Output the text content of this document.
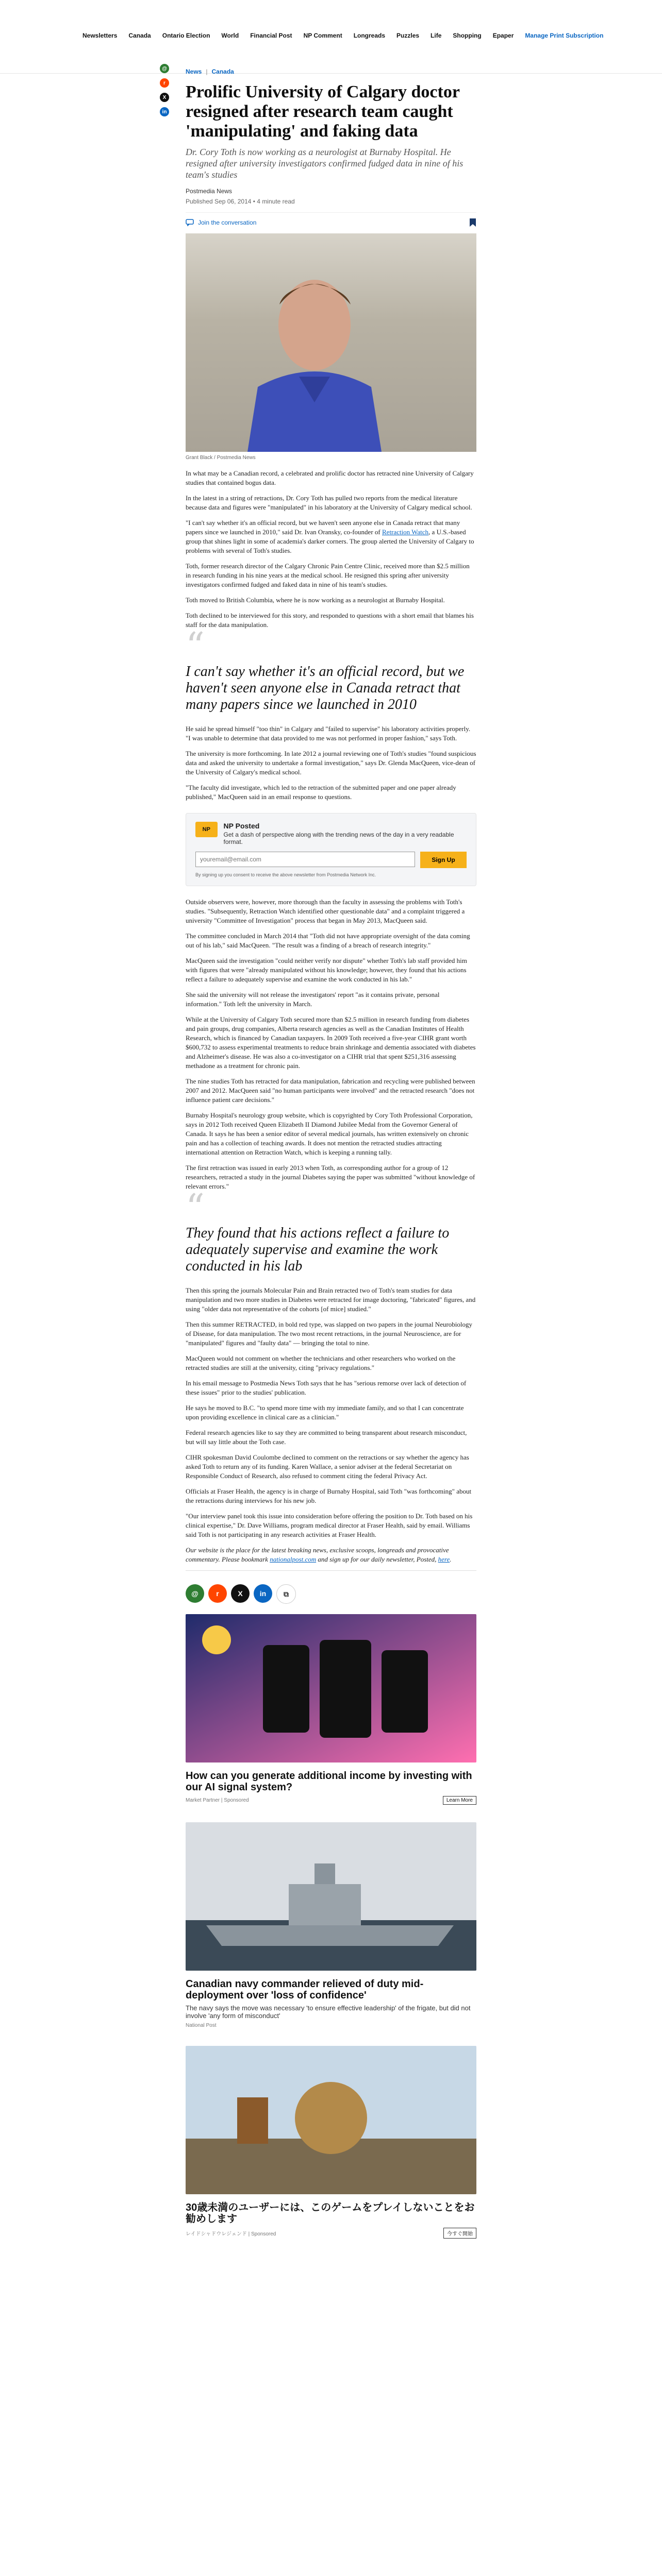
Newsletters Canada Ontario Election World Financial Post NP Comment Longreads Puzzles Life Shopping Epaper Manage Print Subscription
@
r
X
in
News | Canada
Prolific University of Calgary doctor resigned after research team caught 'manipulating' and faking data

Dr. Cory Toth is now working as a neurologist at Burnaby Hospital. He resigned after university investigators confirmed fudged data in nine of his team's studies

Postmedia News
Published Sep 06, 2014 • 4 minute read
Join the conversation
Grant Black / Postmedia News

In what may be a Canadian record, a celebrated and prolific doctor has retracted nine University of Calgary studies that contained bogus data.

In the latest in a string of retractions, Dr. Cory Toth has pulled two reports from the medical literature because data and figures were "manipulated" in his laboratory at the University of Calgary medical school.

"I can't say whether it's an official record, but we haven't seen anyone else in Canada retract that many papers since we launched in 2010," said Dr. Ivan Oransky, co-founder of Retraction Watch, a U.S.-based group that shines light in some of academia's darker corners. The group alerted the University of Calgary to problems with several of Toth's studies.

Toth, former research director of the Calgary Chronic Pain Centre Clinic, received more than $2.5 million in research funding in his nine years at the medical school. He resigned this spring after university investigators confirmed fudged and faked data in nine of his team's studies.

Toth moved to British Columbia, where he is now working as a neurologist at Burnaby Hospital.

Toth declined to be interviewed for this story, and responded to questions with a short email that blames his staff for the data manipulation.

“
I can't say whether it's an official record, but we haven't seen anyone else in Canada retract that many papers since we launched in 2010

He said he spread himself "too thin" in Calgary and "failed to supervise" his laboratory activities properly. "I was unable to determine that data provided to me was not performed in proper fashion," says Toth.

The university is more forthcoming. In late 2012 a journal reviewing one of Toth's studies "found suspicious data and asked the university to undertake a formal investigation," says Dr. Glenda MacQueen, vice-dean of the University of Calgary's medical school.

"The faculty did investigate, which led to the retraction of the submitted paper and one paper already published," MacQueen said in an email response to questions.

NP	NP Posted
Get a dash of perspective along with the trending news of the day in a very readable format.
youremail@email.com
Sign Up
By signing up you consent to receive the above newsletter from Postmedia Network Inc.

Outside observers were, however, more thorough than the faculty in assessing the problems with Toth's studies. "Subsequently, Retraction Watch identified other questionable data" and a complaint triggered a university "Committee of Investigation" process that began in May 2013, MacQueen said.

The committee concluded in March 2014 that "Toth did not have appropriate oversight of the data coming out of his lab," said MacQueen. "The result was a finding of a breach of research integrity."

MacQueen said the investigation "could neither verify nor dispute" whether Toth's lab staff provided him with figures that were "already manipulated without his knowledge; however, they found that his actions reflect a failure to adequately supervise and examine the work conducted in his lab."

She said the university will not release the investigators' report "as it contains private, personal information." Toth left the university in March.

While at the University of Calgary Toth secured more than $2.5 million in research funding from diabetes and pain groups, drug companies, Alberta research agencies as well as the Canadian Institutes of Health Research, which is financed by Canadian taxpayers. In 2009 Toth received a five-year CIHR grant worth $600,732 to assess experimental treatments to reduce brain shrinkage and dementia associated with diabetes and Alzheimer's disease. He was also a co-investigator on a CIHR trial that spent $251,316 assessing methadone as a treatment for chronic pain.

The nine studies Toth has retracted for data manipulation, fabrication and recycling were published between 2007 and 2012. MacQueen said "no human participants were involved" and the retracted research "does not influence patient care decisions."

Burnaby Hospital's neurology group website, which is copyrighted by Cory Toth Professional Corporation, says in 2012 Toth received Queen Elizabeth II Diamond Jubilee Medal from the Governor General of Canada. It says he has been a senior editor of several medical journals, has written extensively on chronic pain and has a collection of teaching awards. It does not mention the retracted studies attracting international attention on Retraction Watch, which is keeping a running tally.

The first retraction was issued in early 2013 when Toth, as corresponding author for a group of 12 researchers, retracted a study in the journal Diabetes saying the paper was submitted "without knowledge of relevant errors."

“
They found that his actions reflect a failure to adequately supervise and examine the work conducted in his lab

Then this spring the journals Molecular Pain and Brain retracted two of Toth's team studies for data manipulation and two more studies in Diabetes were retracted for image doctoring, "fabricated" figures, and using "older data not representative of the cohorts [of mice] studied."

Then this summer RETRACTED, in bold red type, was slapped on two papers in the journal Neurobiology of Disease, for data manipulation. The two most recent retractions, in the journal Neuroscience, are for "manipulated" figures and "faulty data" — bringing the total to nine.

MacQueen would not comment on whether the technicians and other researchers who worked on the retracted studies are still at the university, citing "privacy regulations."

In his email message to Postmedia News Toth says that he has "serious remorse over lack of detection of these issues" prior to the studies' publication.

He says he moved to B.C. "to spend more time with my immediate family, and so that I can concentrate upon providing excellence in clinical care as a clinician."

Federal research agencies like to say they are committed to being transparent about research misconduct, but will say little about the Toth case.

CIHR spokesman David Coulombe declined to comment on the retractions or say whether the agency has asked Toth to return any of its funding. Karen Wallace, a senior adviser at the federal Secretariat on Responsible Conduct of Research, also refused to comment citing the federal Privacy Act.

Officials at Fraser Health, the agency is in charge of Burnaby Hospital, said Toth "was forthcoming" about the retractions during interviews for his new job.

"Our interview panel took this issue into consideration before offering the position to Dr. Toth based on his clinical expertise," Dr. Dave Williams, program medical director at Fraser Health, said by email. Williams said Toth is not participating in any research activities at Fraser Health.

Our website is the place for the latest breaking news, exclusive scoops, longreads and provocative commentary. Please bookmark nationalpost.com and sign up for our daily newsletter, Posted, here.

@	r	X	in	⧉
How can you generate additional income by investing with our AI signal system?
Market Partner | Sponsored	Learn More
Canadian navy commander relieved of duty mid-deployment over 'loss of confidence'
The navy says the move was necessary 'to ensure effective leadership' of the frigate, but did not involve 'any form of misconduct'
National Post
30歳未満のユーザーには、このゲームをプレイしないことをお勧めします
レイドシャドウレジェンド | Sponsored	今すぐ開始
